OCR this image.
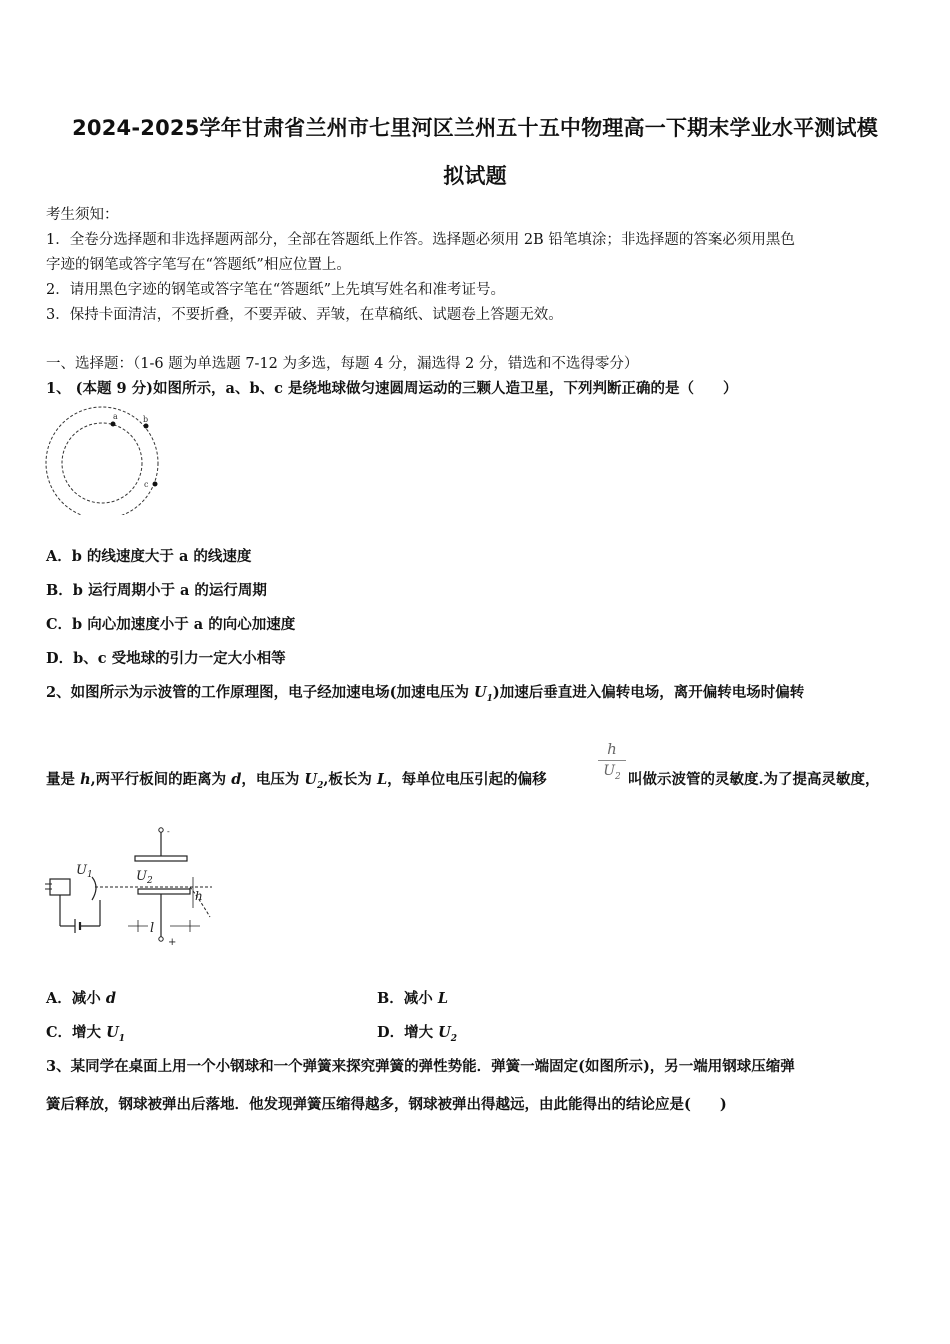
2024-2025学年甘肃省兰州市七里河区兰州五十五中物理高一下期末学业水平测试模
拟试题
考生须知：
1．全卷分选择题和非选择题两部分，全部在答题纸上作答。选择题必须用 2B 铅笔填涂；非选择题的答案必须用黑色
字迹的钢笔或答字笔写在“答题纸”相应位置上。
2．请用黑色字迹的钢笔或答字笔在“答题纸”上先填写姓名和准考证号。
3．保持卡面清洁，不要折叠，不要弄破、弄皱，在草稿纸、试题卷上答题无效。
一、选择题：（1-6 题为单选题 7-12 为多选，每题 4 分，漏选得 2 分，错选和不选得零分）
1、 (本题 9 分)如图所示，a、b、c 是绕地球做匀速圆周运动的三颗人造卫星，下列判断正确的是（　　）
a	b
c
A．b 的线速度大于 a 的线速度
B．b 运行周期小于 a 的运行周期
C．b 向心加速度小于 a 的向心加速度
D．b、c 受地球的引力一定大小相等
2、如图所示为示波管的工作原理图，电子经加速电场(加速电压为 $U_1$)加速后垂直进入偏转电场，离开偏转电场时偏转
量是 h,两平行板间的距离为 d，电压为 $U_2$,板长为 L，每单位电压引起的偏移
h
$U_2$ 叫做示波管的灵敏度.为了提高灵敏度，
-
$U_2$
+
h
l
$U_1$
A．减小 d	B．减小 L
C．增大 $U_1$	D．增大 $U_2$
3、某同学在桌面上用一个小钢球和一个弹簧来探究弹簧的弹性势能．弹簧一端固定(如图所示)，另一端用钢球压缩弹
簧后释放，钢球被弹出后落地．他发现弹簧压缩得越多，钢球被弹出得越远，由此能得出的结论应是(　　)
